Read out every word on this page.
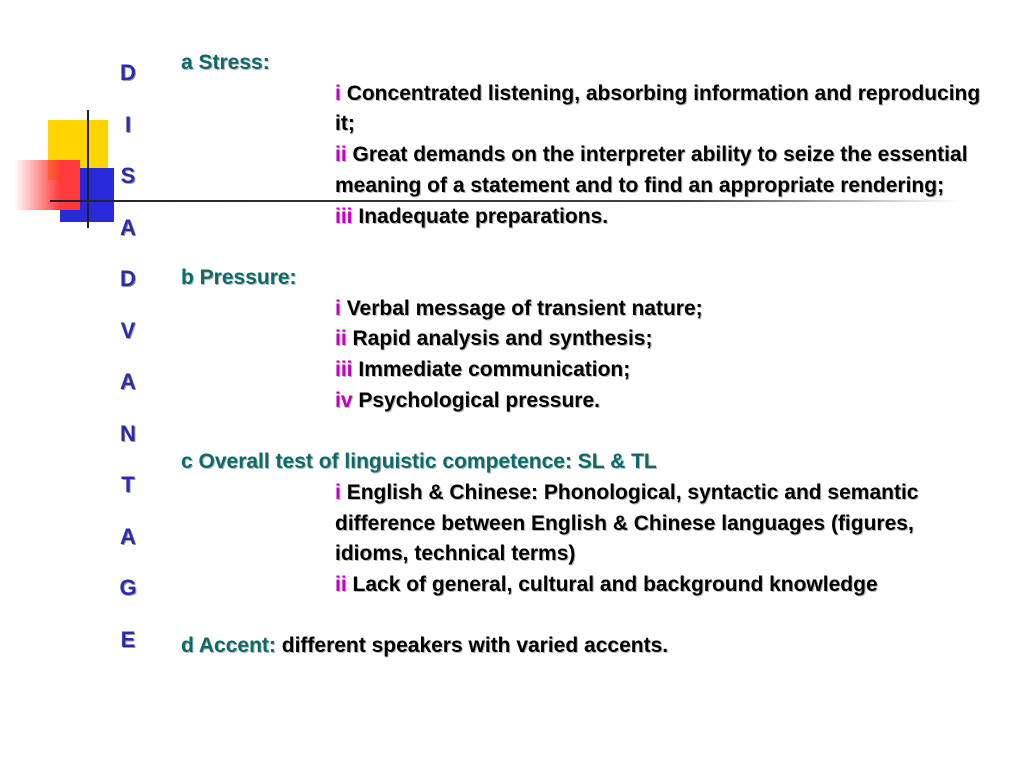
D
I
S
A
D
V
A
N
T
A
G
E
a Stress:
i Concentrated listening, absorbing information and reproducing it;
ii Great demands on the interpreter ability to seize the essential meaning of a statement and to find an appropriate rendering;
iii Inadequate preparations.
b Pressure:
i Verbal message of transient nature;
ii Rapid analysis and synthesis;
iii Immediate communication;
iv Psychological pressure.
c Overall test of linguistic competence: SL & TL
i English & Chinese: Phonological, syntactic and semantic difference between English & Chinese languages (figures, idioms, technical terms)
ii Lack of general, cultural and background knowledge
d Accent: different speakers with varied accents.
